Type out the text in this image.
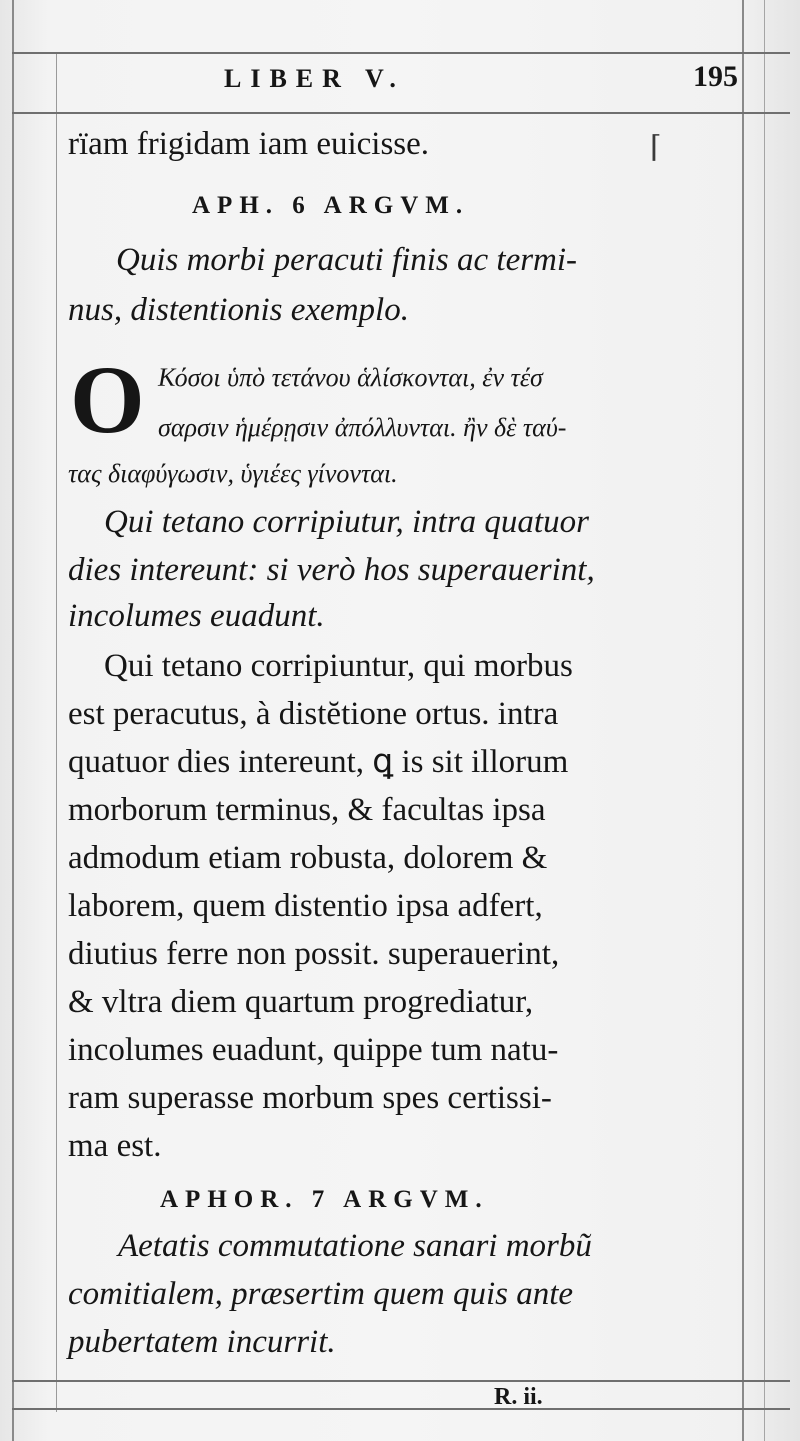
LIBER V.	195
⌈
rïam frigidam iam euicisse.
APH. 6 ARGVM.
Quis morbi peracuti finis ac termi-
nus, distentionis exemplo.
O Κόσοι ὑπὸ τετάνου ἁλίσκονται, ἐν τέσ
σαρσιν ἡμέρῃσιν ἀπόλλυνται. ἢν δὲ ταύ-
τας διαφύγωσιν, ὑγιέες γίνονται.
Qui tetano corripiutur, intra quatuor
dies intereunt: si verò hos superauerint,
incolumes euadunt.
Qui tetano corripiuntur, qui morbus
est peracutus, à distĕtione ortus. intra
quatuor dies intereunt, ꝗ is sit illorum
morborum terminus, & facultas ipsa
admodum etiam robusta, dolorem &
laborem, quem distentio ipsa adfert,
diutius ferre non possit. superauerint,
& vltra diem quartum progrediatur,
incolumes euadunt, quippe tum natu-
ram superasse morbum spes certissi-
ma est.
APHOR. 7 ARGVM.
Aetatis commutatione sanari morbũ
comitialem, præsertim quem quis ante
pubertatem incurrit.
R. ii.
